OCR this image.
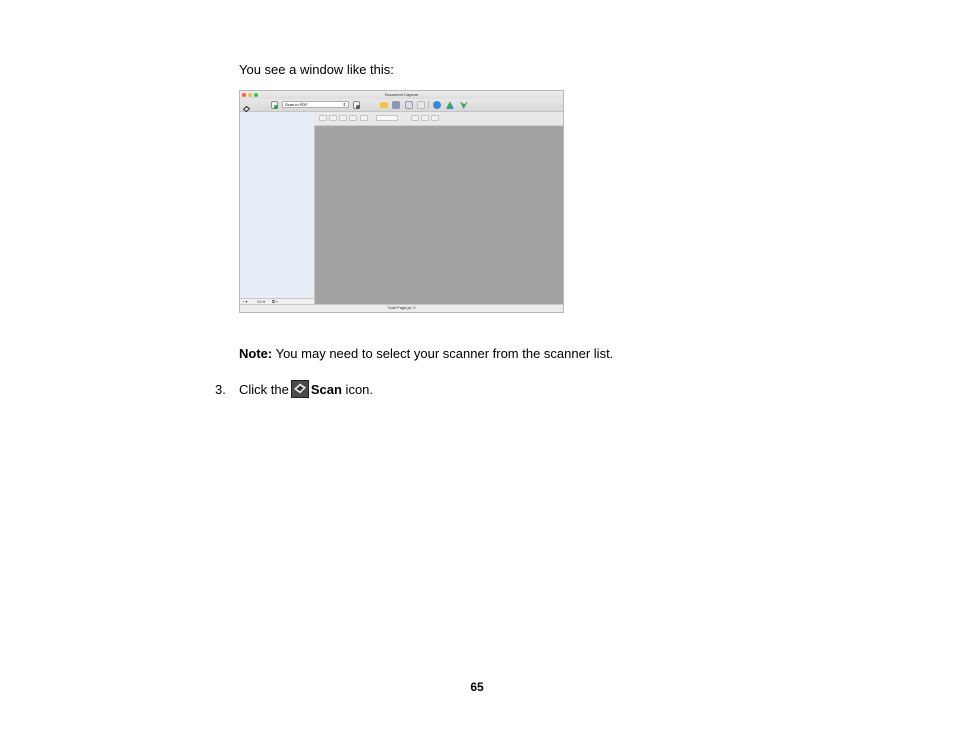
You see a window like this:
Document Capture
Scan to PDF	⇕
+ ▾ S4 ▾ ⧉ ▾
Total Page(s): 0
Note: You may need to select your scanner from the scanner list.
3. Click the Scan icon.
65
